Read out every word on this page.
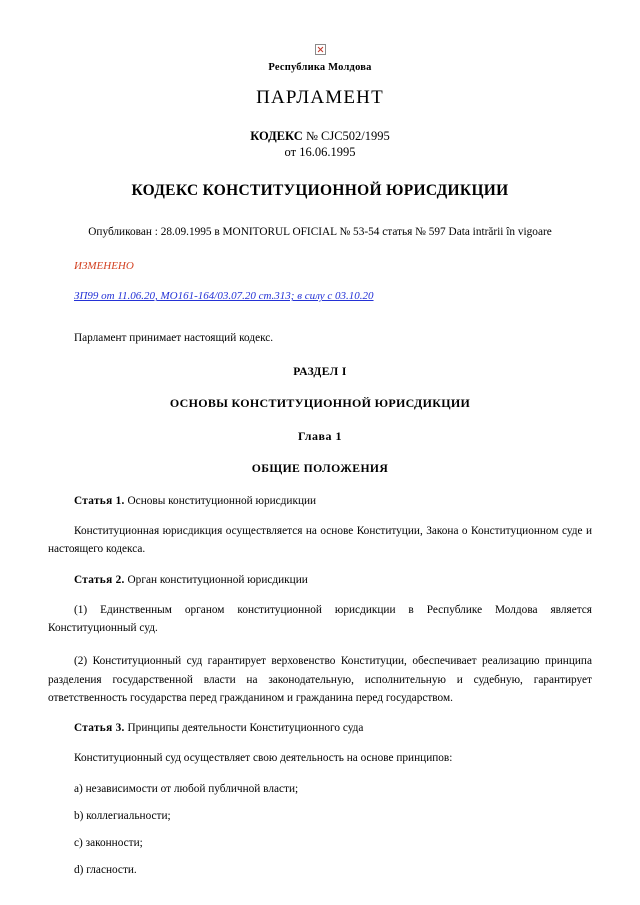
Республика Молдова
ПАРЛАМЕНТ
КОДЕКС № CJC502/1995
от 16.06.1995
КОДЕКС КОНСТИТУЦИОННОЙ ЮРИСДИКЦИИ
Опубликован : 28.09.1995 в MONITORUL OFICIAL № 53-54 статья № 597 Data intrării în vigoare
ИЗМЕНЕНО
ЗП99 от 11.06.20, МО161-164/03.07.20 ст.313; в силу с 03.10.20
Парламент принимает настоящий кодекс.
РАЗДЕЛ I
ОСНОВЫ КОНСТИТУЦИОННОЙ ЮРИСДИКЦИИ
Глава 1
ОБЩИЕ ПОЛОЖЕНИЯ
Статья 1. Основы конституционной юрисдикции
Конституционная юрисдикция осуществляется на основе Конституции, Закона о Конституционном суде и настоящего кодекса.
Статья 2. Орган конституционной юрисдикции
(1) Единственным органом конституционной юрисдикции в Республике Молдова является Конституционный суд.
(2) Конституционный суд гарантирует верховенство Конституции, обеспечивает реализацию принципа разделения государственной власти на законодательную, исполнительную и судебную, гарантирует ответственность государства перед гражданином и гражданина перед государством.
Статья 3. Принципы деятельности Конституционного суда
Конституционный суд осуществляет свою деятельность на основе принципов:
a) независимости от любой публичной власти;
b) коллегиальности;
c) законности;
d) гласности.
